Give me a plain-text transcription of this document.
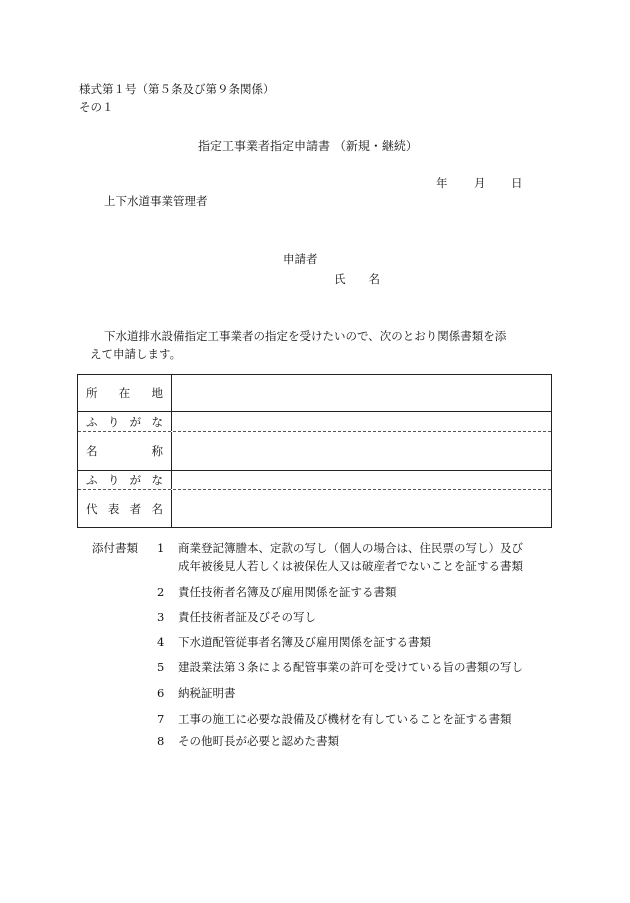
様式第１号（第５条及び第９条関係）
その１
指定工事業者指定申請書 （新規・継続）
年 月 日
上下水道事業管理者
申請者
氏　　名
下水道排水設備指定工事業者の指定を受けたいので、次のとおり関係書類を添
えて申請します。
所在地
ふりがな
名称
ふりがな
代表者名
添付書類 1 商業登記簿謄本、定款の写し（個人の場合は、住民票の写し）及び
成年被後見人若しくは被保佐人又は破産者でないことを証する書類
2 責任技術者名簿及び雇用関係を証する書類
3 責任技術者証及びその写し
4 下水道配管従事者名簿及び雇用関係を証する書類
5 建設業法第３条による配管事業の許可を受けている旨の書類の写し
6 納税証明書
7 工事の施工に必要な設備及び機材を有していることを証する書類
8 その他町長が必要と認めた書類
